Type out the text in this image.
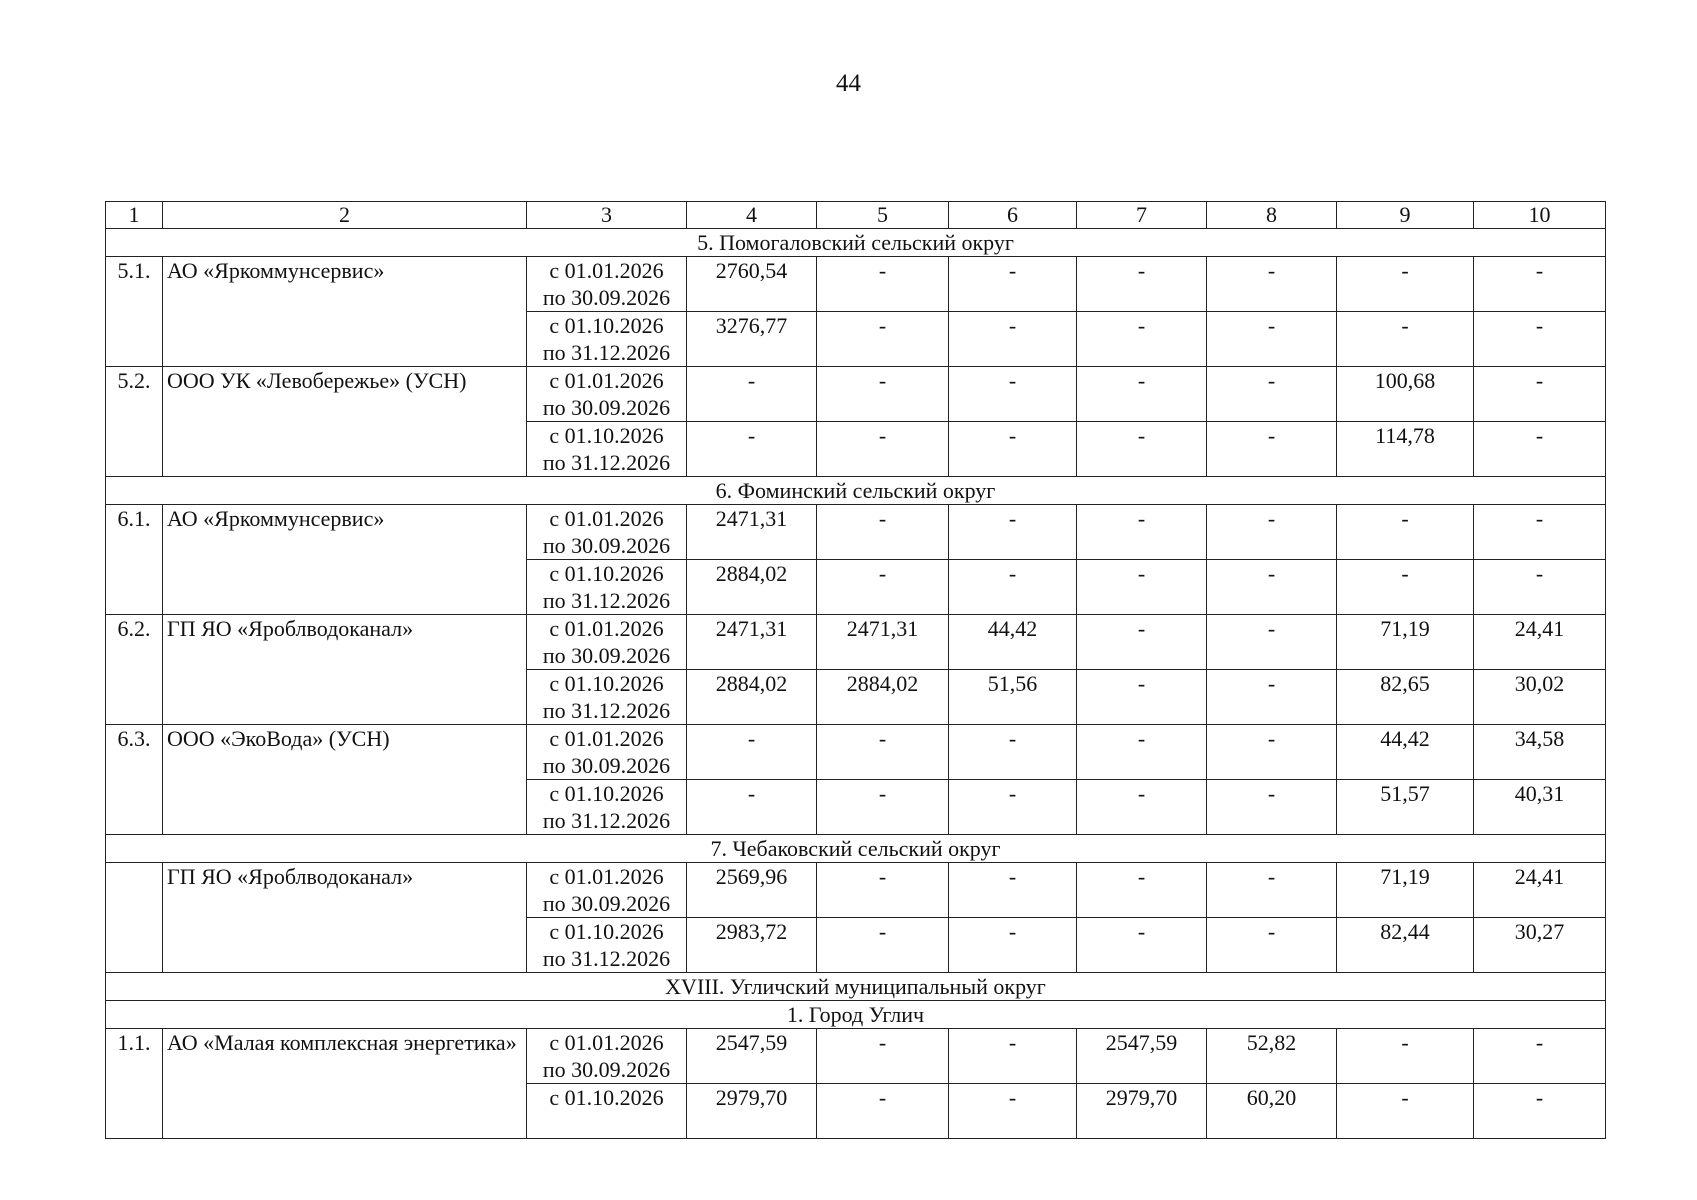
44
1	2	3	4	5	6	7	8	9	10
5. Помогаловский сельский округ									
5.1.	АО «Яркоммунсервис»	с 01.01.2026
по 30.09.2026	2760,54	-	-	-	-	-	-

		с 01.10.2026
по 31.12.2026	3276,77	-	-	-	-	-	-
5.2.	ООО УК «Левобережье» (УСН)	с 01.01.2026
по 30.09.2026	-	-	-	-	-	100,68	-

		с 01.10.2026
по 31.12.2026	-	-	-	-	-	114,78	-
6. Фоминский сельский округ									
6.1.	АО «Яркоммунсервис»	с 01.01.2026
по 30.09.2026	2471,31	-	-	-	-	-	-

		с 01.10.2026
по 31.12.2026	2884,02	-	-	-	-	-	-
6.2.	ГП ЯО «Яроблводоканал»	с 01.01.2026
по 30.09.2026	2471,31	2471,31	44,42	-	-	71,19	24,41

		с 01.10.2026
по 31.12.2026	2884,02	2884,02	51,56	-	-	82,65	30,02
6.3.	ООО «ЭкоВода» (УСН)	с 01.01.2026
по 30.09.2026	-	-	-	-	-	44,42	34,58

		с 01.10.2026
по 31.12.2026	-	-	-	-	-	51,57	40,31
7. Чебаковский сельский округ									
	ГП ЯО «Яроблводоканал»	с 01.01.2026
по 30.09.2026	2569,96	-	-	-	-	71,19	24,41

		с 01.10.2026
по 31.12.2026	2983,72	-	-	-	-	82,44	30,27
XVIII. Угличский муниципальный округ									
1. Город Углич									
1.1.	АО «Малая комплексная энергетика»	с 01.01.2026
по 30.09.2026	2547,59	-	-	2547,59	52,82	-	-

		с 01.10.2026	2979,70	-	-	2979,70	60,20	-	-
